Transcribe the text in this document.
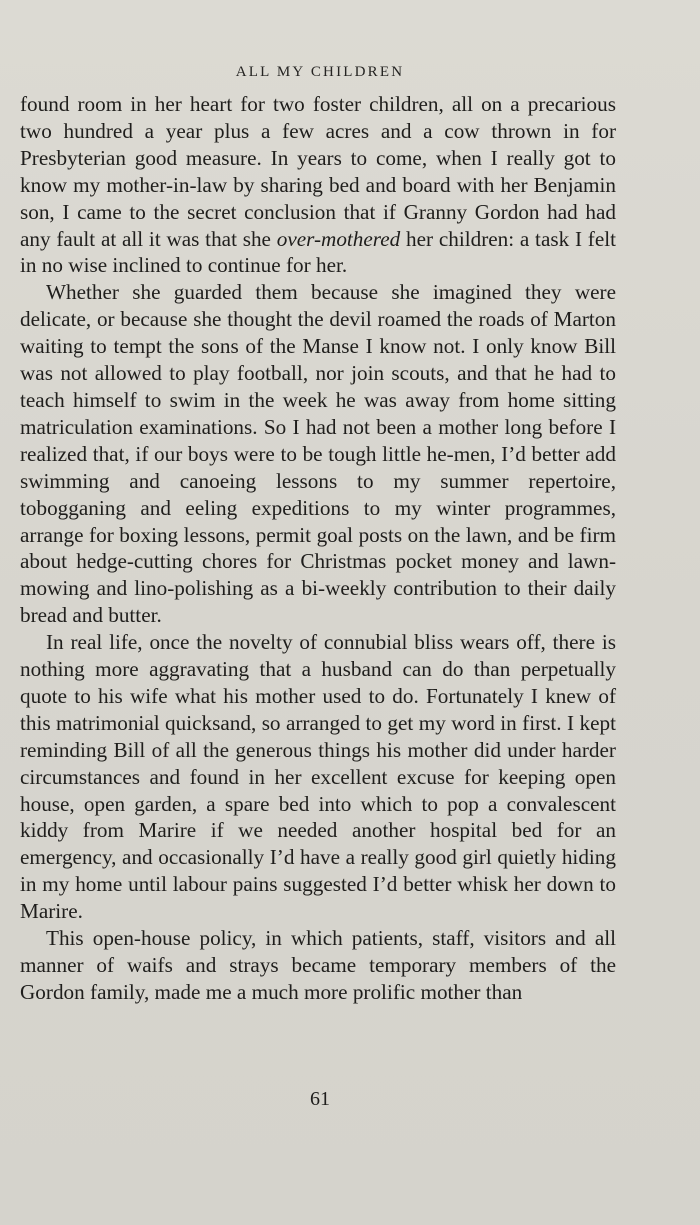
ALL MY CHILDREN

found room in her heart for two foster children, all on a precarious two hundred a year plus a few acres and a cow thrown in for Presbyterian good measure. In years to come, when I really got to know my mother-in-law by sharing bed and board with her Benjamin son, I came to the secret conclusion that if Granny Gordon had had any fault at all it was that she over-mothered her children: a task I felt in no wise inclined to continue for her.

Whether she guarded them because she imagined they were delicate, or because she thought the devil roamed the roads of Marton waiting to tempt the sons of the Manse I know not. I only know Bill was not allowed to play football, nor join scouts, and that he had to teach himself to swim in the week he was away from home sitting matriculation examinations. So I had not been a mother long before I realized that, if our boys were to be tough little he-men, I’d better add swimming and canoeing lessons to my summer repertoire, tobogganing and eeling expeditions to my winter programmes, arrange for boxing lessons, permit goal posts on the lawn, and be firm about hedge-cutting chores for Christmas pocket money and lawn-mowing and lino-polishing as a bi-weekly contribution to their daily bread and butter.

In real life, once the novelty of connubial bliss wears off, there is nothing more aggravating that a husband can do than perpetually quote to his wife what his mother used to do. Fortunately I knew of this matrimonial quicksand, so arranged to get my word in first. I kept reminding Bill of all the generous things his mother did under harder circumstances and found in her excellent excuse for keeping open house, open garden, a spare bed into which to pop a convalescent kiddy from Marire if we needed another hospital bed for an emergency, and occasionally I’d have a really good girl quietly hiding in my home until labour pains suggested I’d better whisk her down to Marire.

This open-house policy, in which patients, staff, visitors and all manner of waifs and strays became temporary members of the Gordon family, made me a much more prolific mother than

61
